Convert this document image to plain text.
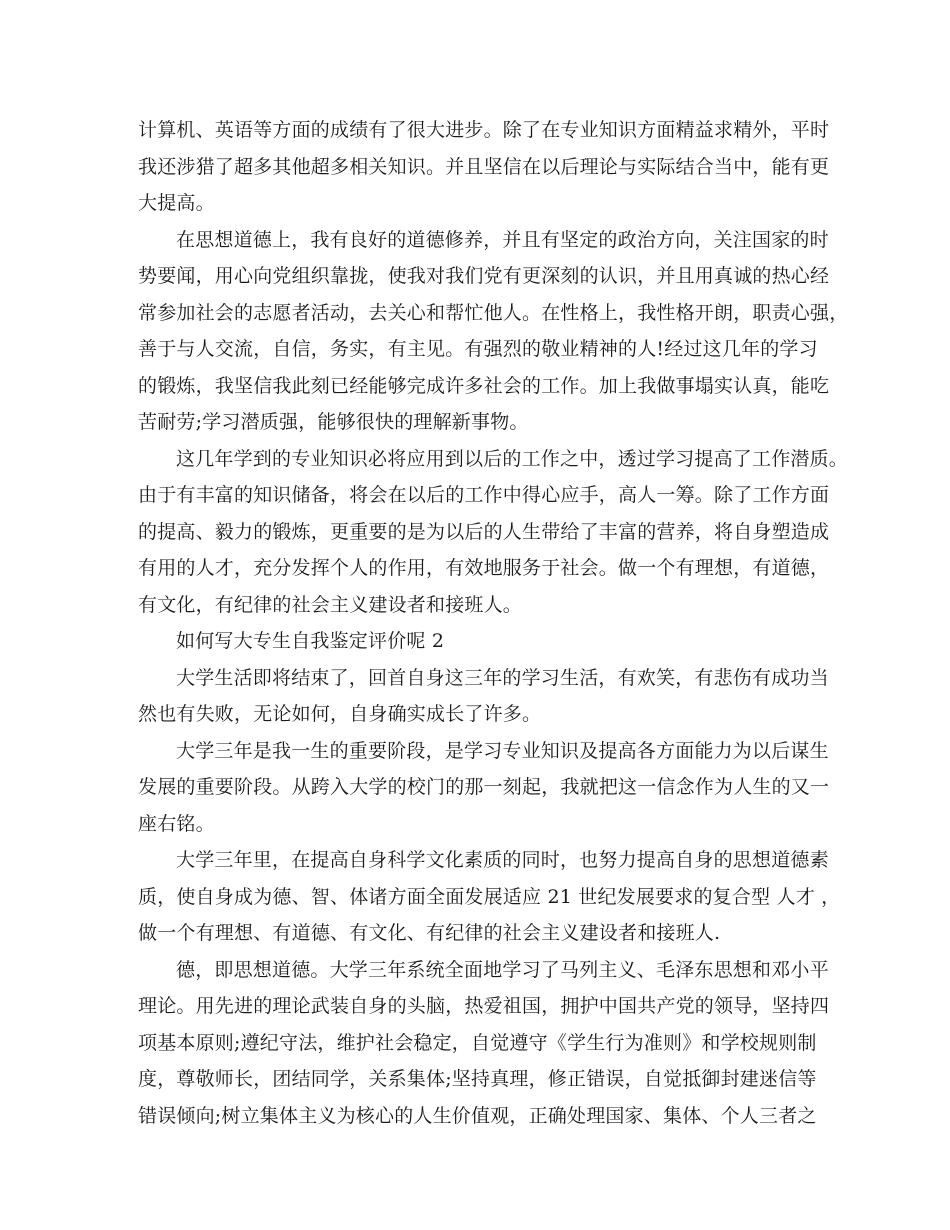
计算机、英语等方面的成绩有了很大进步。除了在专业知识方面精益求精外，平时
我还涉猎了超多其他超多相关知识。并且坚信在以后理论与实际结合当中，能有更
大提高。
在思想道德上，我有良好的道德修养，并且有坚定的政治方向，关注国家的时
势要闻，用心向党组织靠拢，使我对我们党有更深刻的认识，并且用真诚的热心经
常参加社会的志愿者活动，去关心和帮忙他人。在性格上，我性格开朗，职责心强，
善于与人交流，自信，务实，有主见。有强烈的敬业精神的人!经过这几年的学习
的锻炼，我坚信我此刻已经能够完成许多社会的工作。加上我做事塌实认真，能吃
苦耐劳;学习潜质强，能够很快的理解新事物。
这几年学到的专业知识必将应用到以后的工作之中，透过学习提高了工作潜质。
由于有丰富的知识储备，将会在以后的工作中得心应手，高人一筹。除了工作方面
的提高、毅力的锻炼，更重要的是为以后的人生带给了丰富的营养，将自身塑造成
有用的人才，充分发挥个人的作用，有效地服务于社会。做一个有理想，有道德，
有文化，有纪律的社会主义建设者和接班人。
如何写大专生自我鉴定评价呢 2
大学生活即将结束了，回首自身这三年的学习生活，有欢笑，有悲伤有成功当
然也有失败，无论如何，自身确实成长了许多。
大学三年是我一生的重要阶段，是学习专业知识及提高各方面能力为以后谋生
发展的重要阶段。从跨入大学的校门的那一刻起，我就把这一信念作为人生的又一
座右铭。
大学三年里，在提高自身科学文化素质的同时，也努力提高自身的思想道德素
质，使自身成为德、智、体诸方面全面发展适应 21 世纪发展要求的复合型 人才 ，
做一个有理想、有道德、有文化、有纪律的社会主义建设者和接班人.
德，即思想道德。大学三年系统全面地学习了马列主义、毛泽东思想和邓小平
理论。用先进的理论武装自身的头脑，热爱祖国，拥护中国共产党的领导，坚持四
项基本原则;遵纪守法，维护社会稳定，自觉遵守《学生行为准则》和学校规则制
度，尊敬师长，团结同学，关系集体;坚持真理，修正错误，自觉抵御封建迷信等
错误倾向;树立集体主义为核心的人生价值观，正确处理国家、集体、个人三者之
